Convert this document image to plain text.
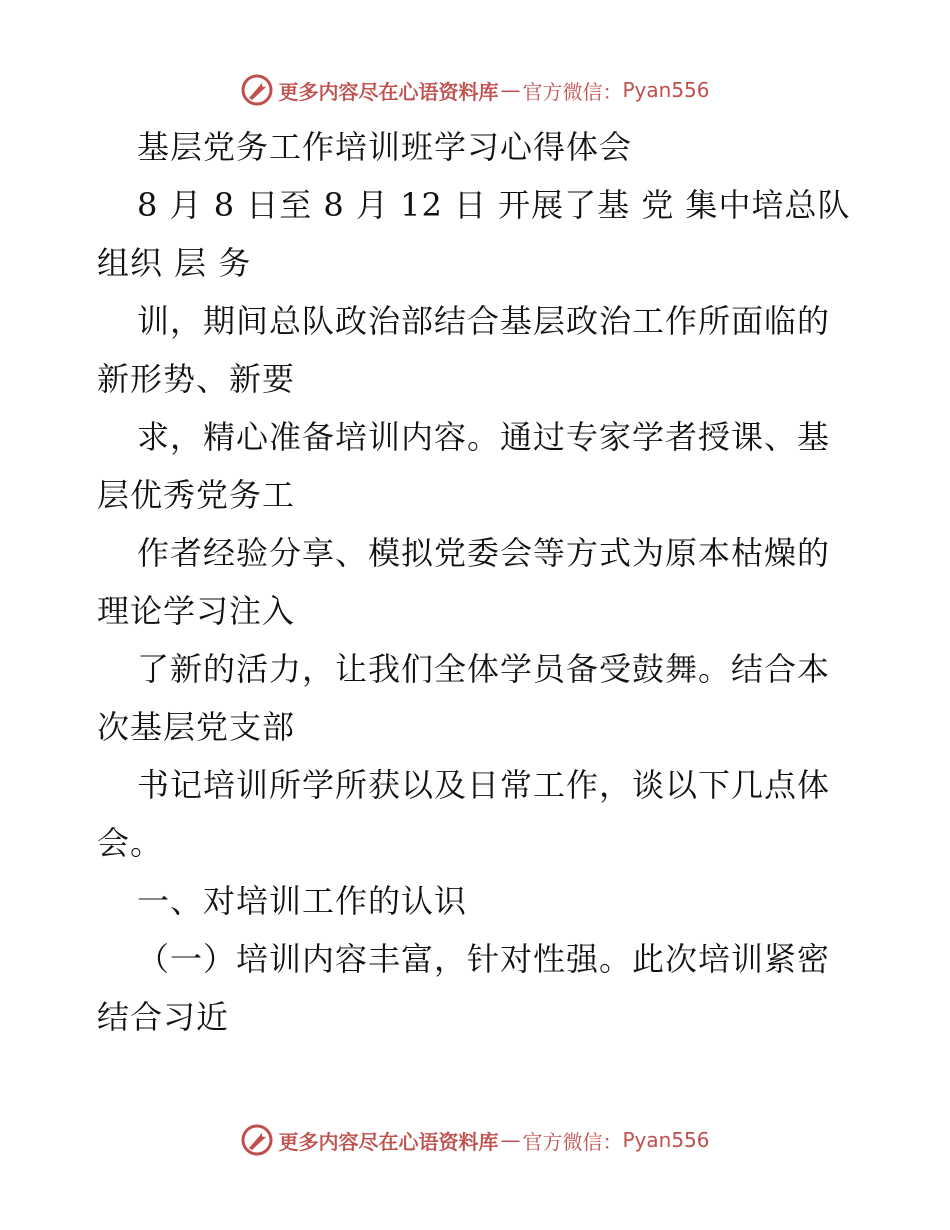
更多内容尽在心语资料库 — 官方微信： Pyan556
基层党务工作培训班学习心得体会
8 月 8 日至 8 月 12 日 开展了基 党 集中培总队
组织 层 务
训，期间总队政治部结合基层政治工作所面临的
新形势、新要
求，精心准备培训内容。通过专家学者授课、基
层优秀党务工
作者经验分享、模拟党委会等方式为原本枯燥的
理论学习注入
了新的活力，让我们全体学员备受鼓舞。结合本
次基层党支部
书记培训所学所获以及日常工作，谈以下几点体
会。
一、对培训工作的认识
（一）培训内容丰富，针对性强。此次培训紧密
结合习近
更多内容尽在心语资料库 — 官方微信： Pyan556
